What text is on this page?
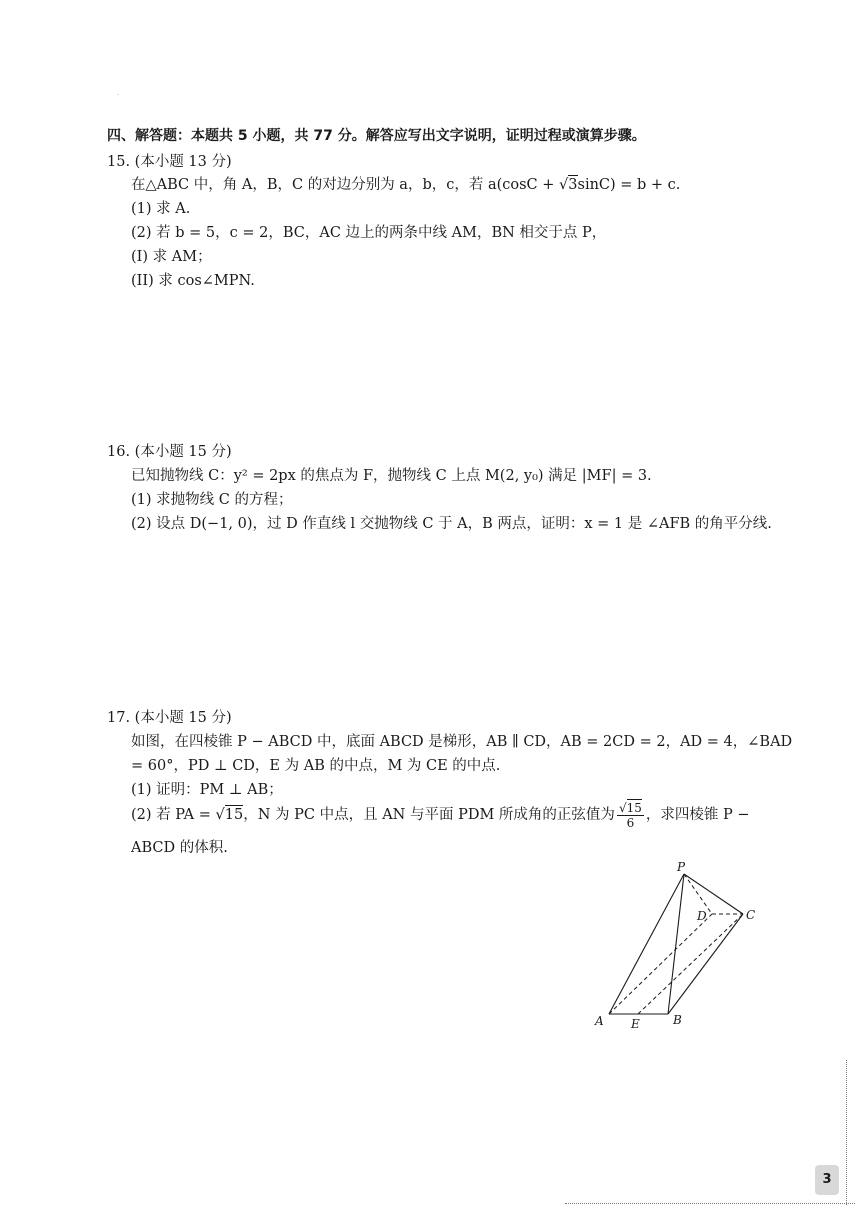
·
四、解答题：本题共 5 小题，共 77 分。解答应写出文字说明，证明过程或演算步骤。
15. (本小题 13 分)
在△ABC 中，角 A，B，C 的对边分别为 a，b，c，若 a(cosC + √3sinC) = b + c.
(1) 求 A.
(2) 若 b = 5，c = 2，BC，AC 边上的两条中线 AM，BN 相交于点 P，
(I) 求 AM；
(II) 求 cos∠MPN.
16. (本小题 15 分)
已知抛物线 C：y² = 2px 的焦点为 F，抛物线 C 上点 M(2, y₀) 满足 |MF| = 3.
(1) 求抛物线 C 的方程；
(2) 设点 D(−1, 0)，过 D 作直线 l 交抛物线 C 于 A，B 两点，证明：x = 1 是 ∠AFB 的角平分线.
17. (本小题 15 分)
如图，在四棱锥 P − ABCD 中，底面 ABCD 是梯形，AB ∥ CD，AB = 2CD = 2，AD = 4，∠BAD
= 60°，PD ⊥ CD，E 为 AB 的中点，M 为 CE 的中点.
(1) 证明：PM ⊥ AB；
(2) 若 PA = √15，N 为 PC 中点，且 AN 与平面 PDM 所成角的正弦值为 $\frac{√15}{6}$ ，求四棱锥 P −
ABCD 的体积.
P
D	C
A E	B
3
